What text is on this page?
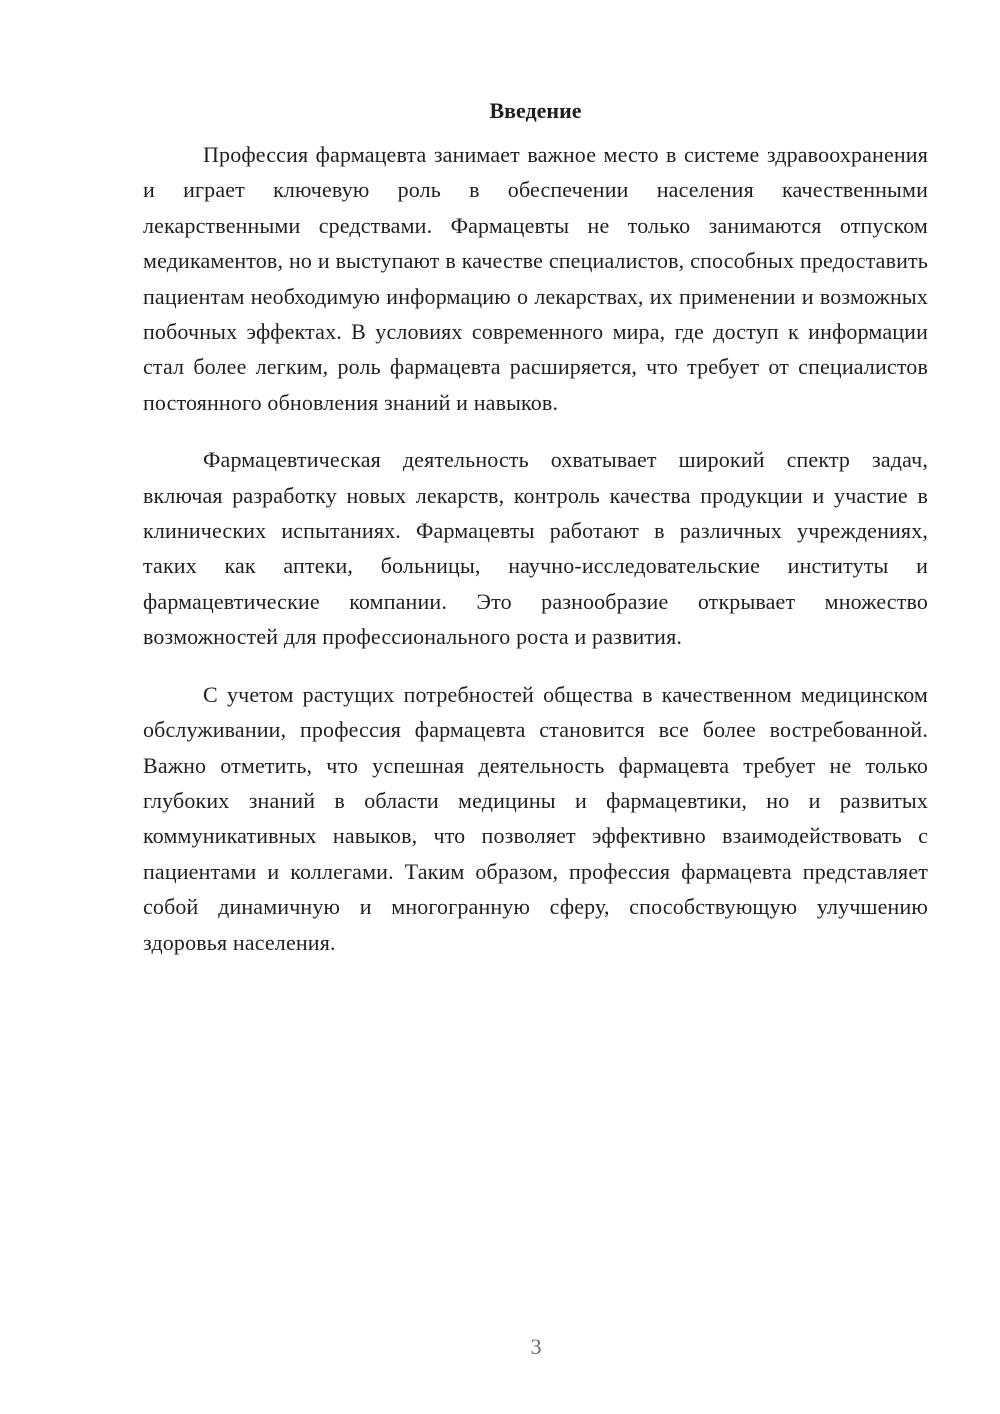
Введение

Профессия фармацевта занимает важное место в системе здравоохранения и играет ключевую роль в обеспечении населения качественными лекарственными средствами. Фармацевты не только занимаются отпуском медикаментов, но и выступают в качестве специалистов, способных предоставить пациентам необходимую информацию о лекарствах, их применении и возможных побочных эффектах. В условиях современного мира, где доступ к информации стал более легким, роль фармацевта расширяется, что требует от специалистов постоянного обновления знаний и навыков.

Фармацевтическая деятельность охватывает широкий спектр задач, включая разработку новых лекарств, контроль качества продукции и участие в клинических испытаниях. Фармацевты работают в различных учреждениях, таких как аптеки, больницы, научно-исследовательские институты и фармацевтические компании. Это разнообразие открывает множество возможностей для профессионального роста и развития.

С учетом растущих потребностей общества в качественном медицинском обслуживании, профессия фармацевта становится все более востребованной. Важно отметить, что успешная деятельность фармацевта требует не только глубоких знаний в области медицины и фармацевтики, но и развитых коммуникативных навыков, что позволяет эффективно взаимодействовать с пациентами и коллегами. Таким образом, профессия фармацевта представляет собой динамичную и многогранную сферу, способствующую улучшению здоровья населения.

3
